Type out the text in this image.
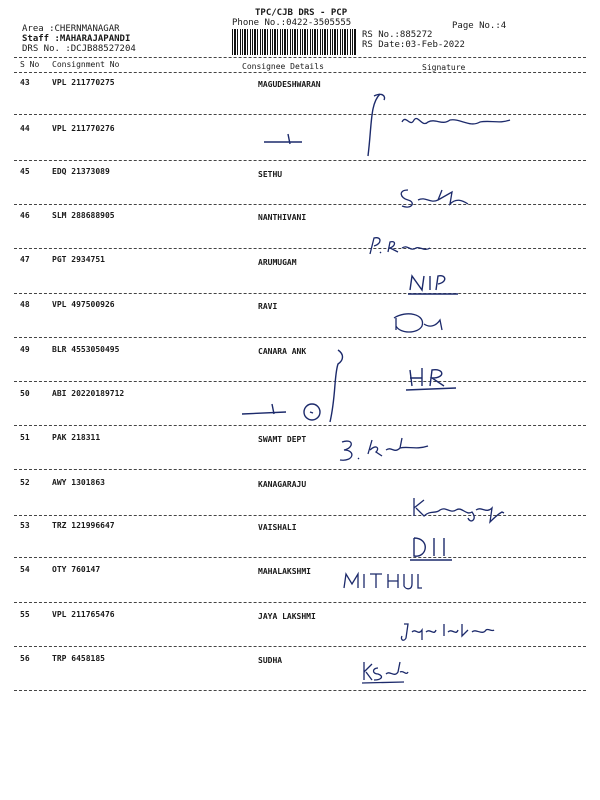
TPC/CJB DRS - PCP
Phone No.:0422-3505555	Page No.:4
Area :CHERNMANAGAR
Staff :MAHARAJAPANDI
DRS No. :DCJB88527204
RS No.:885272
RS Date:03-Feb-2022
S No Consignment No	Consignee Details	Signature
43	VPL 211770275	MAGUDESHWARAN
44	VPL 211770276
45	EDQ 21373089	SETHU
46	SLM 288688905	NANTHIVANI
47	PGT 2934751	ARUMUGAM
48	VPL 497500926	RAVI
49	BLR 4553050495	CANARA ANK
50	ABI 20220189712
51	PAK 218311	SWAMT DEPT
52	AWY 1301863	KANAGARAJU
53	TRZ 121996647	VAISHALI
54	OTY 760147	MAHALAKSHMI
55	VPL 211765476	JAYA LAKSHMI
56	TRP 6458185	SUDHA
